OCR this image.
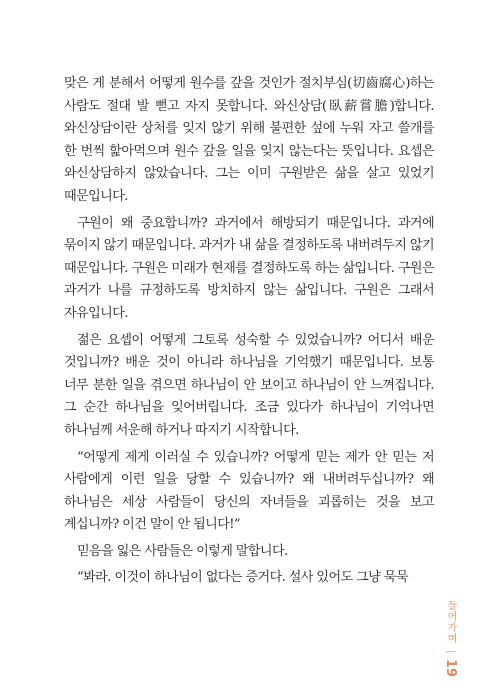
맞은 게 분해서 어떻게 원수를 갚을 것인가 절치부심(切齒腐心)하는 사람도 절대 발 뻗고 자지 못합니다. 와신상담(臥薪嘗膽)합니다. 와신상담이란 상처를 잊지 않기 위해 불편한 섶에 누워 자고 쓸개를 한 번씩 핥아먹으며 원수 갚을 일을 잊지 않는다는 뜻입니다. 요셉은 와신상담하지 않았습니다. 그는 이미 구원받은 삶을 살고 있었기 때문입니다.

구원이 왜 중요합니까? 과거에서 해방되기 때문입니다. 과거에 묶이지 않기 때문입니다. 과거가 내 삶을 결정하도록 내버려두지 않기 때문입니다. 구원은 미래가 현재를 결정하도록 하는 삶입니다. 구원은 과거가 나를 규정하도록 방치하지 않는 삶입니다. 구원은 그래서 자유입니다.

젊은 요셉이 어떻게 그토록 성숙할 수 있었습니까? 어디서 배운 것입니까? 배운 것이 아니라 하나님을 기억했기 때문입니다. 보통 너무 분한 일을 겪으면 하나님이 안 보이고 하나님이 안 느껴집니다. 그 순간 하나님을 잊어버립니다. 조금 있다가 하나님이 기억나면 하나님께 서운해 하거나 따지기 시작합니다.

“어떻게 제게 이러실 수 있습니까? 어떻게 믿는 제가 안 믿는 저 사람에게 이런 일을 당할 수 있습니까? 왜 내버려두십니까? 왜 하나님은 세상 사람들이 당신의 자녀들을 괴롭히는 것을 보고 계십니까? 이건 말이 안 됩니다!”

믿음을 잃은 사람들은 이렇게 말합니다.

“봐라. 이것이 하나님이 없다는 증거다. 설사 있어도 그냥 묵묵

들어가며
|
19
